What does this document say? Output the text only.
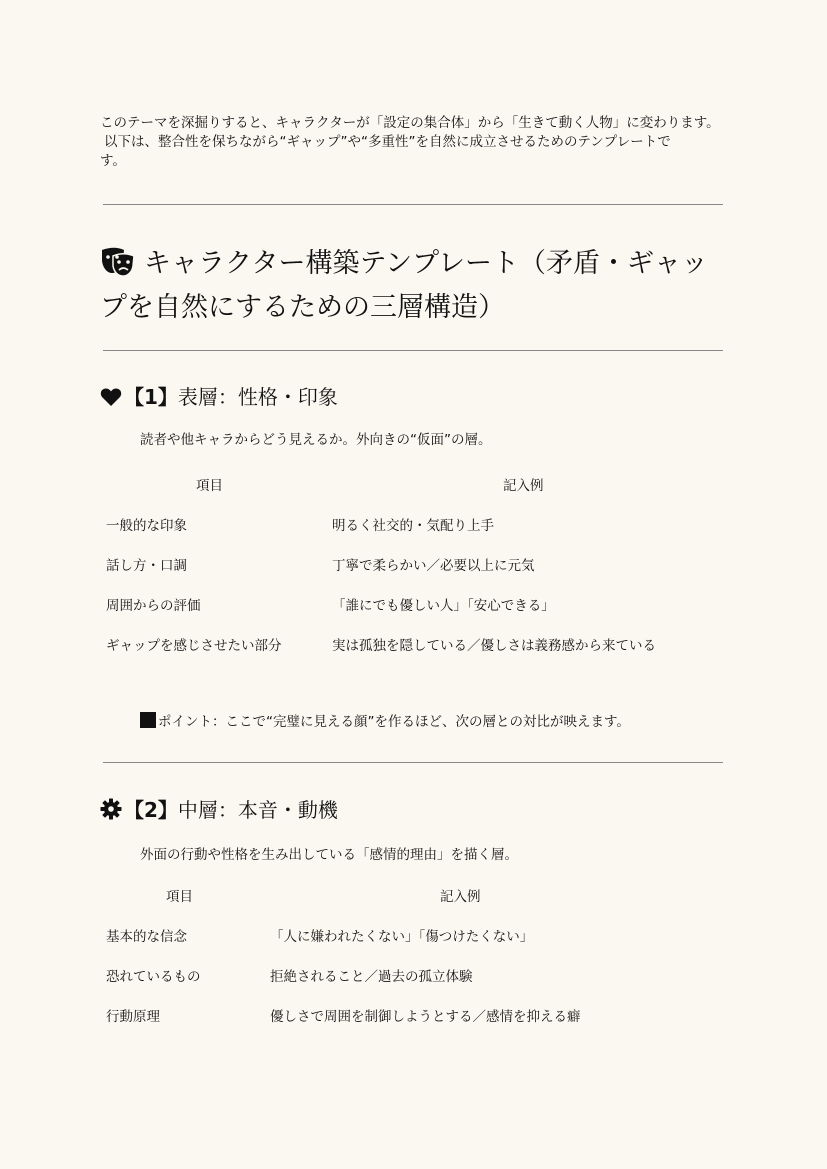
このテーマを深掘りすると、キャラクターが「設定の集合体」から「生きて動く人物」に変わります。

以下は、整合性を保ちながら“ギャップ”や“多重性”を自然に成立させるためのテンプレートで

す。

キャラクター構築テンプレート（矛盾・ギャッ
プを自然にするための三層構造）
【1】表層：性格・印象

読者や他キャラからどう見えるか。外向きの“仮面”の層。

項目	記入例
一般的な印象	明るく社交的・気配り上手
話し方・口調	丁寧で柔らかい／必要以上に元気
周囲からの評価	「誰にでも優しい人」「安心できる」
ギャップを感じさせたい部分	実は孤独を隠している／優しさは義務感から来ている

ポイント：ここで“完璧に見える顔”を作るほど、次の層との対比が映えます。

【2】中層：本音・動機

外面の行動や性格を生み出している「感情的理由」を描く層。

項目	記入例
基本的な信念	「人に嫌われたくない」「傷つけたくない」
恐れているもの	拒絶されること／過去の孤立体験
行動原理	優しさで周囲を制御しようとする／感情を抑える癖
